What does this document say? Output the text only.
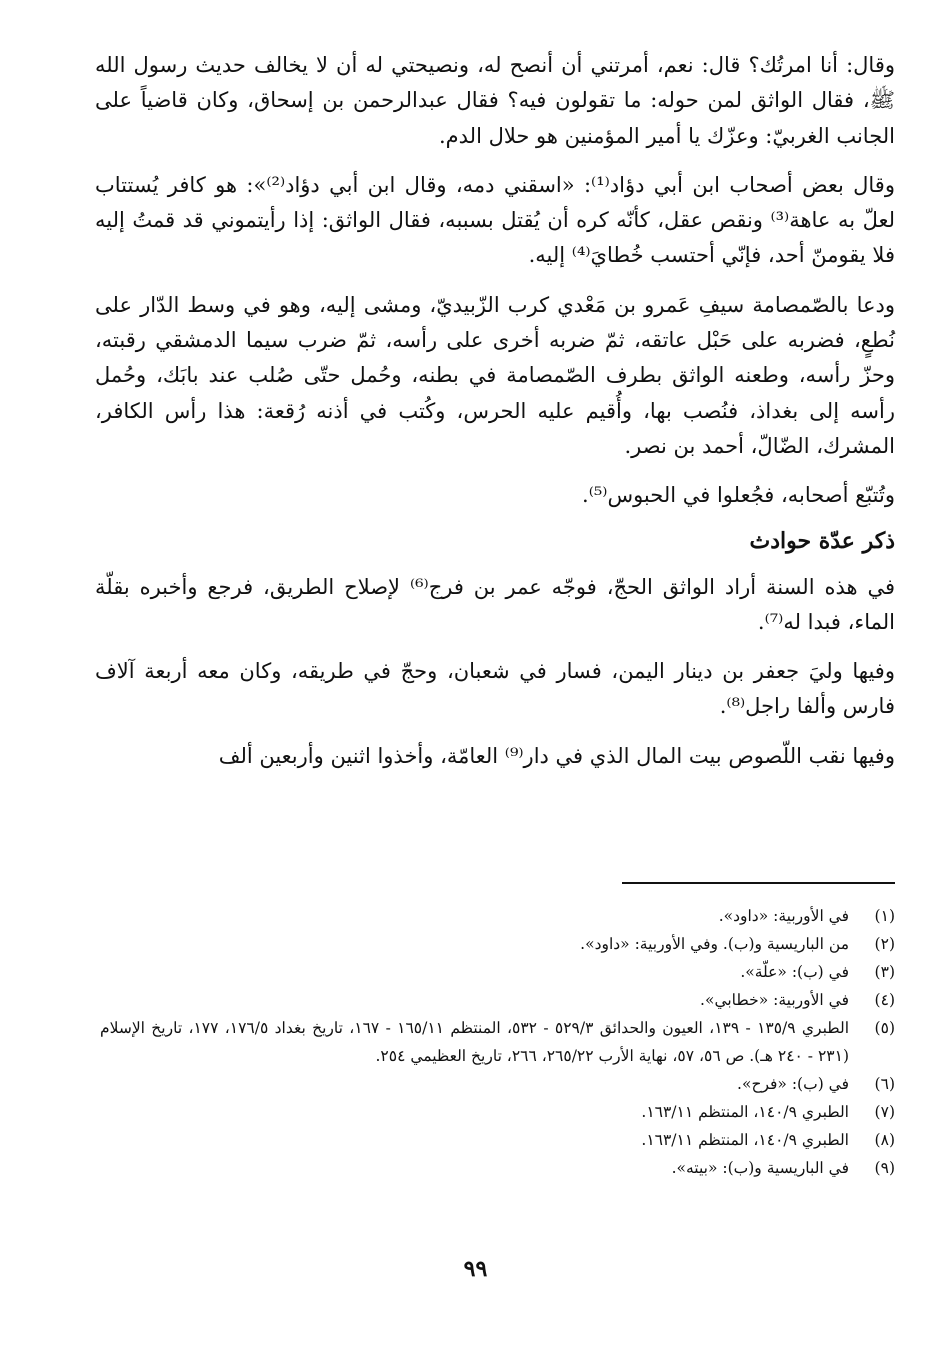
وقال: أنا امرتُك؟ قال: نعم، أمرتني أن أنصح له، ونصيحتي له أن لا يخالف حديث رسول الله ﷺ، فقال الواثق لمن حوله: ما تقولون فيه؟ فقال عبدالرحمن بن إسحاق، وكان قاضياً على الجانب الغربيّ: وعزّك يا أمير المؤمنين هو حلال الدم.

وقال بعض أصحاب ابن أبي دؤاد⁽¹⁾: «اسقني دمه، وقال ابن أبي دؤاد⁽²⁾»: هو كافر يُستتاب لعلّ به عاهة⁽³⁾ ونقص عقل، كأنّه كره أن يُقتل بسببه، فقال الواثق: إذا رأيتموني قد قمتُ إليه فلا يقومنّ أحد، فإنّي أحتسب خُطايَ⁽⁴⁾ إليه.

ودعا بالصّمصامة سيفِ عَمرو بن مَعْدي كرب الزّبيديّ، ومشى إليه، وهو في وسط الدّار على نُطعٍ، فضربه على حَبْل عاتقه، ثمّ ضربه أخرى على رأسه، ثمّ ضرب سيما الدمشقي رقبته، وحزّ رأسه، وطعنه الواثق بطرف الصّمصامة في بطنه، وحُمل حتّى صُلب عند بابَك، وحُمل رأسه إلى بغداذ، فنُصب بها، وأُقيم عليه الحرس، وكُتب في أذنه رُقعة: هذا رأس الكافر، المشرك، الضّالّ، أحمد بن نصر.

وتُتبّع أصحابه، فجُعلوا في الحبوس⁽⁵⁾.

ذكر عدّة حوادث

في هذه السنة أراد الواثق الحجّ، فوجّه عمر بن فرج⁽⁶⁾ لإصلاح الطريق، فرجع وأخبره بقلّة الماء، فبدا له⁽⁷⁾.

وفيها وليَ جعفر بن دينار اليمن، فسار في شعبان، وحجّ في طريقه، وكان معه أربعة آلاف فارس وألفا راجل⁽⁸⁾.

وفيها نقب اللّصوص بيت المال الذي في دار⁽⁹⁾ العامّة، وأخذوا اثنين وأربعين ألف

(١)
في الأوربية: «داود».
(٢)
من الباريسية و(ب). وفي الأوربية: «داود».
(٣)
في (ب): «علّة».
(٤)
في الأوربية: «خطابي».
(٥)
الطبري ١٣٥/٩ - ١٣٩، العيون والحدائق ٥٢٩/٣ - ٥٣٢، المنتظم ١٦٥/١١ - ١٦٧، تاريخ بغداد ١٧٦/٥، ١٧٧، تاريخ الإسلام (٢٣١ - ٢٤٠ هـ). ص ٥٦، ٥٧، نهاية الأرب ٢٦٥/٢٢، ٢٦٦، تاريخ العظيمي ٢٥٤.
(٦)
في (ب): «فرح».
(٧)
الطبري ١٤٠/٩، المنتظم ١٦٣/١١.
(٨)
الطبري ١٤٠/٩، المنتظم ١٦٣/١١.
(٩)
في الباريسية و(ب): «بيته».
٩٩
